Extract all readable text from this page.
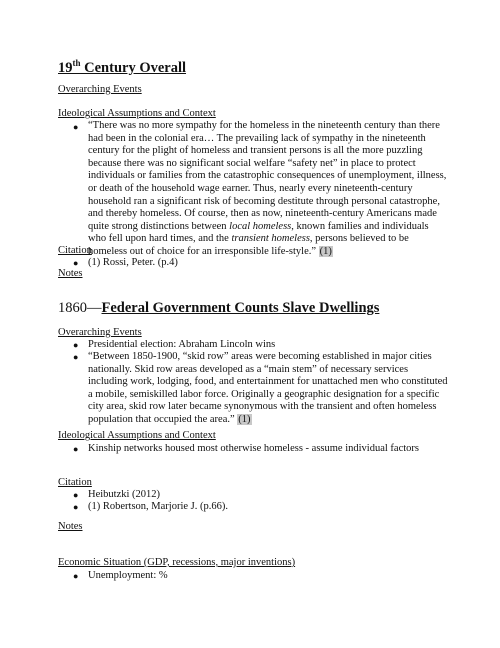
19th Century Overall
Overarching Events
Ideological Assumptions and Context
● “There was no more sympathy for the homeless in the nineteenth century than there had been in the colonial era… The prevailing lack of sympathy in the nineteenth century for the plight of homeless and transient persons is all the more puzzling because there was no significant social welfare “safety net” in place to protect individuals or families from the catastrophic consequences of unemployment, illness, or death of the household wage earner. Thus, nearly every nineteenth-century household ran a significant risk of becoming destitute through personal catastrophe, and thereby homeless. Of course, then as now, nineteenth-century Americans made quite strong distinctions between local homeless, known families and individuals who fell upon hard times, and the transient homeless, persons believed to be homeless out of choice for an irresponsible life-style.” (1)
Citation
● (1) Rossi, Peter. (p.4)
Notes
1860—Federal Government Counts Slave Dwellings
Overarching Events
● Presidential election: Abraham Lincoln wins
● “Between 1850-1900, “skid row” areas were becoming established in major cities nationally. Skid row areas developed as a “main stem” of necessary services including work, lodging, food, and entertainment for unattached men who constituted a mobile, semiskilled labor force. Originally a geographic designation for a specific city area, skid row later became synonymous with the transient and often homeless population that occupied the area.” (1)
Ideological Assumptions and Context
● Kinship networks housed most otherwise homeless - assume individual factors
Citation
● Heibutzki (2012)
● (1) Robertson, Marjorie J. (p.66).
Notes
Economic Situation (GDP, recessions, major inventions)
● Unemployment: %
